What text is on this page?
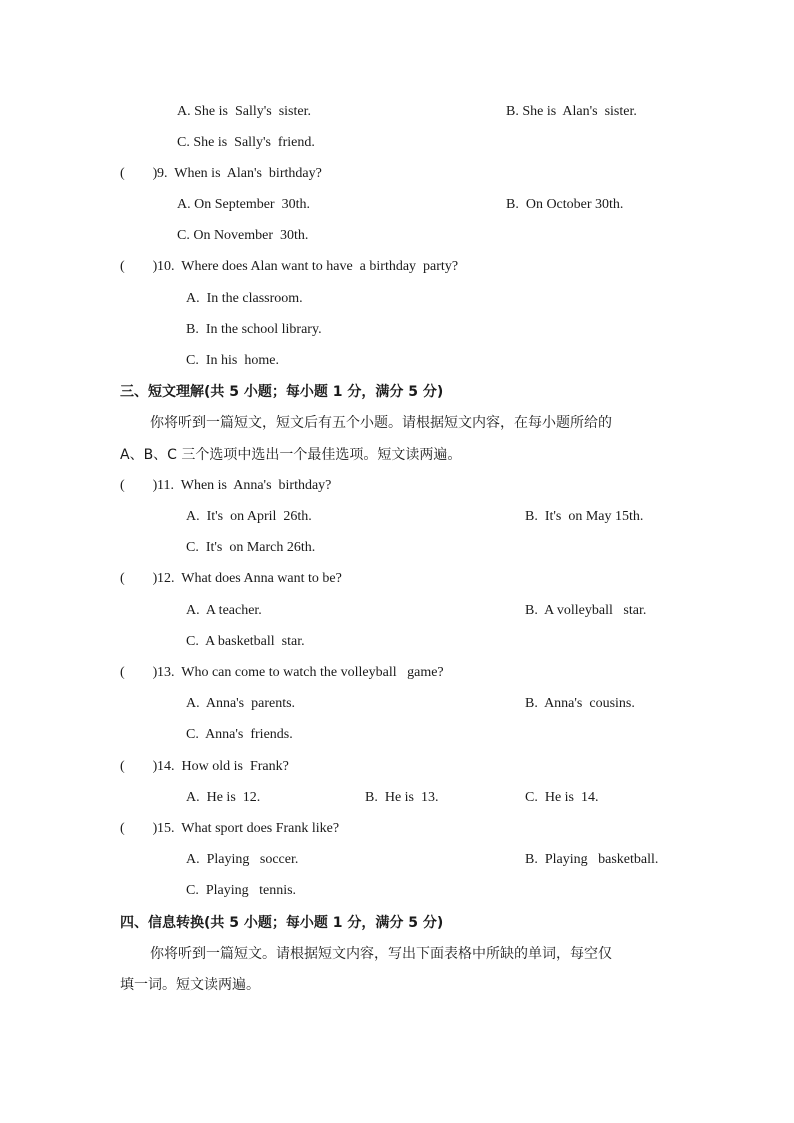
A. She is  Sally's  sister.	B. She is  Alan's  sister.
C. She is  Sally's  friend.
(        ) 9.  When is  Alan's  birthday?
A. On September  30th.	B.  On October 30th.
C. On November  30th.
(        ) 10.  Where does Alan want to have  a birthday  party?
A.  In the classroom.
B.  In the school library.
C.  In his  home.
三、短文理解(共 5 小题；每小题 1 分，满分 5 分)
你将听到一篇短文，短文后有五个小题。请根据短文内容，在每小题所给的
A、B、C 三个选项中选出一个最佳选项。短文读两遍。
(        ) 11.  When is  Anna's  birthday?
A.  It's  on April  26th.	B.  It's  on May 15th.
C.  It's  on March 26th.
(        ) 12.  What does Anna want to be?
A.  A teacher.	B.  A volleyball   star.
C.  A basketball  star.
(        ) 13.  Who can come to watch the volleyball   game?
A.  Anna's  parents.	B.  Anna's  cousins.
C.  Anna's  friends.
(        ) 14.  How old is  Frank?
A.  He is  12.	B.  He is  13.	C.  He is  14.
(        ) 15.  What sport does Frank like?
A.  Playing   soccer.	B.  Playing   basketball.
C.  Playing   tennis.
四、信息转换(共 5 小题；每小题 1 分，满分 5 分)
你将听到一篇短文。请根据短文内容，写出下面表格中所缺的单词，每空仅
填一词。短文读两遍。
